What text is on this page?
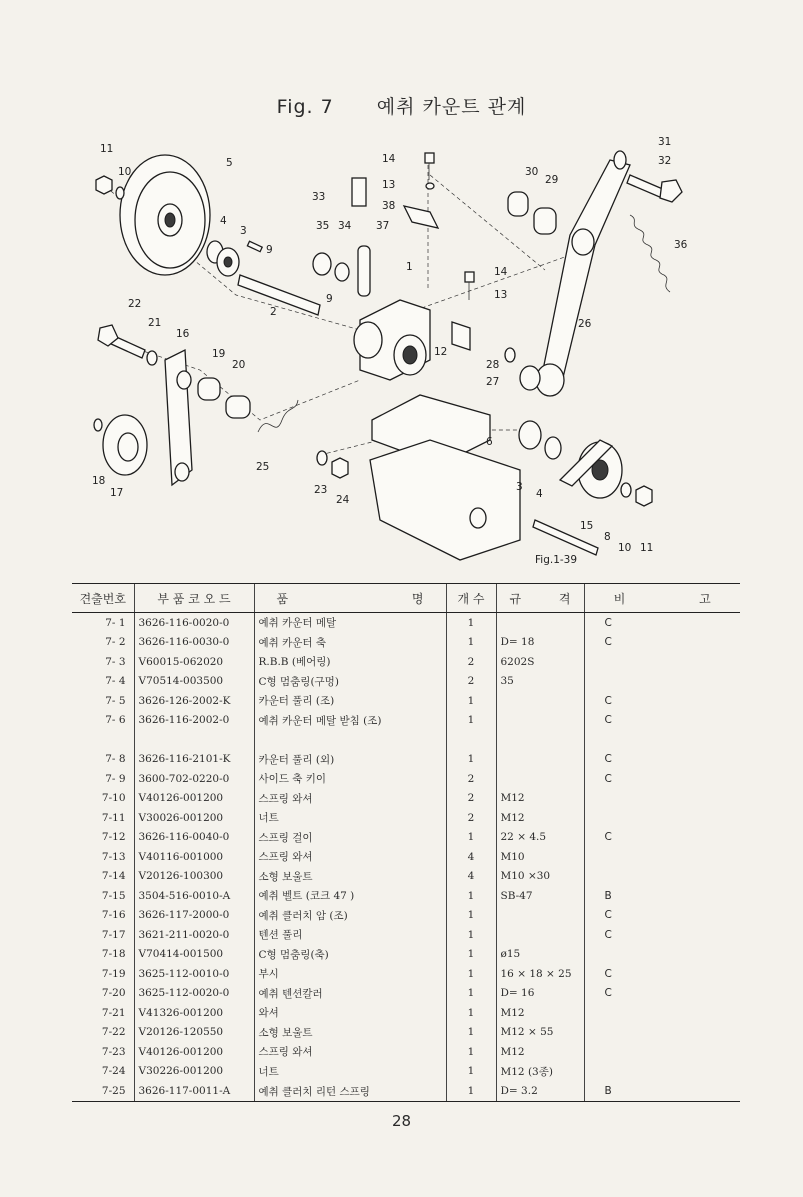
Fig. 7 예취 카운트 관계
11
10
5
4
3
9
9
2
14
13
33
38
35 34 37
1	14
13
12
30
29
31
32
36
26
28
27
6
3
4
15
8
10 11
22
21
16
19
20
18
17
25
23
24
Fig.1-39
견출번호	부 품 코 오 드	품 명	개 수	규 격	비 고
7- 1	3626-116-0020-0	예취 카운터 메탈	1		C
7- 2	3626-116-0030-0	예취 카운터 축	1	D= 18	C
7- 3	V60015-062020	R.B.B (베어링)	2	6202S	
7- 4	V70514-003500	C형 멈춤링(구멍)	2	35	
7- 5	3626-126-2002-K	카운터 풀리 (조)	1		C
7- 6	3626-116-2002-0	예취 카운터 메탈 받침 (조)	1		C

7- 8	3626-116-2101-K	카운터 풀리 (외)	1		C
7- 9	3600-702-0220-0	사이드 축 키이	2		C
7-10	V40126-001200	스프링 와셔	2	M12	
7-11	V30026-001200	너트	2	M12	
7-12	3626-116-0040-0	스프링 걸이	1	22 × 4.5	C
7-13	V40116-001000	스프링 와셔	4	M10	
7-14	V20126-100300	소형 보울트	4	M10 ×30	
7-15	3504-516-0010-A	예취 벨트 (코크 47 )	1	SB-47	B
7-16	3626-117-2000-0	예취 클러치 암 (조)	1		C
7-17	3621-211-0020-0	텐션 풀리	1		C
7-18	V70414-001500	C형 멈춤링(축)	1	ø15	
7-19	3625-112-0010-0	부시	1	16 × 18 × 25	C
7-20	3625-112-0020-0	예취 텐션칼러	1	D= 16	C
7-21	V41326-001200	와셔	1	M12	
7-22	V20126-120550	소형 보울트	1	M12 × 55	
7-23	V40126-001200	스프링 와셔	1	M12	
7-24	V30226-001200	너트	1	M12 (3종)	
7-25	3626-117-0011-A	예취 클러치 리턴 스프링	1	D= 3.2	B
28
